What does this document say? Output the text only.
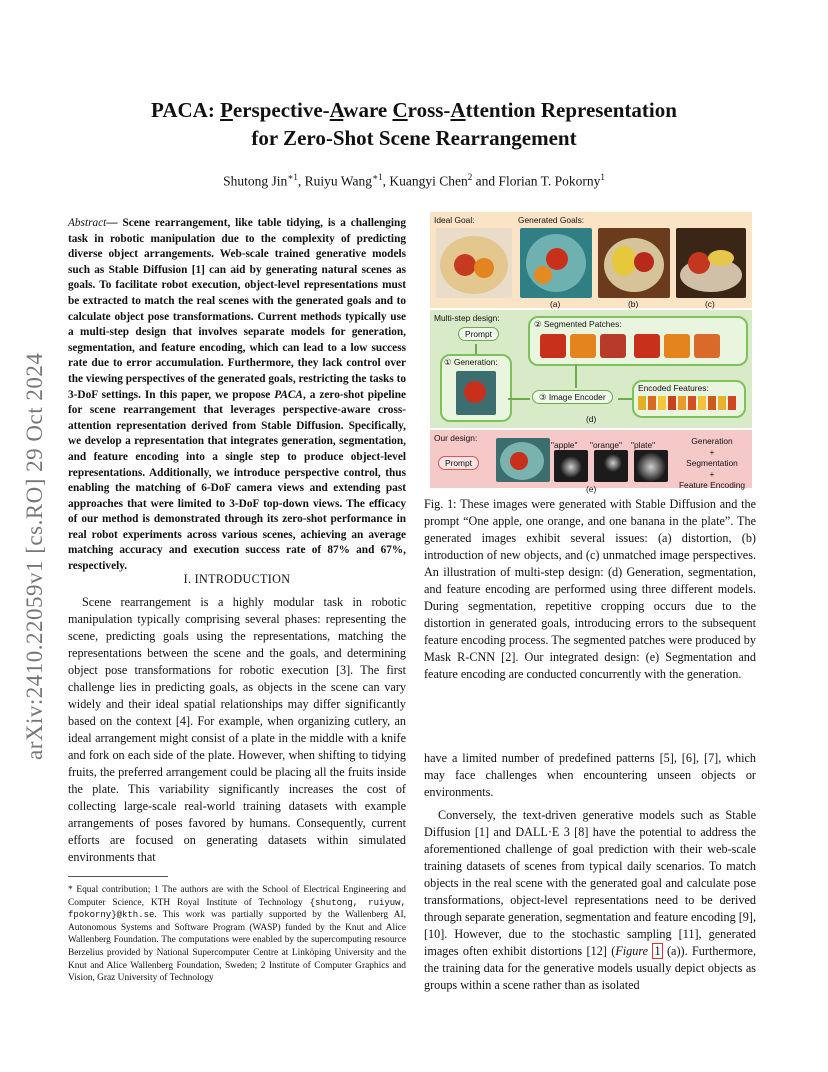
arXiv:2410.22059v1 [cs.RO] 29 Oct 2024
PACA: Perspective-Aware Cross-Attention Representation
for Zero-Shot Scene Rearrangement
Shutong Jin$^{∗1}$, Ruiyu Wang$^{∗1}$, Kuangyi Chen$^2$ and Florian T. Pokorny$^1$
Abstract— Scene rearrangement, like table tidying, is a challenging task in robotic manipulation due to the complexity of predicting diverse object arrangements. Web-scale trained generative models such as Stable Diffusion [1] can aid by generating natural scenes as goals. To facilitate robot execution, object-level representations must be extracted to match the real scenes with the generated goals and to calculate object pose transformations. Current methods typically use a multi-step design that involves separate models for generation, segmentation, and feature encoding, which can lead to a low success rate due to error accumulation. Furthermore, they lack control over the viewing perspectives of the generated goals, restricting the tasks to 3-DoF settings. In this paper, we propose PACA, a zero-shot pipeline for scene rearrangement that leverages perspective-aware cross-attention representation derived from Stable Diffusion. Specifically, we develop a representation that integrates generation, segmentation, and feature encoding into a single step to produce object-level representations. Additionally, we introduce perspective control, thus enabling the matching of 6-DoF camera views and extending past approaches that were limited to 3-DoF top-down views. The efficacy of our method is demonstrated through its zero-shot performance in real robot experiments across various scenes, achieving an average matching accuracy and execution success rate of 87% and 67%, respectively.
I. INTRODUCTION

Scene rearrangement is a highly modular task in robotic manipulation typically comprising several phases: representing the scene, predicting goals using the representations, matching the representations between the scene and the goals, and determining object pose transformations for robotic execution [3]. The first challenge lies in predicting goals, as objects in the scene can vary widely and their ideal spatial relationships may differ significantly based on the context [4]. For example, when organizing cutlery, an ideal arrangement might consist of a plate in the middle with a knife and fork on each side of the plate. However, when shifting to tidying fruits, the preferred arrangement could be placing all the fruits inside the plate. This variability significantly increases the cost of collecting large-scale real-world training datasets with example arrangements of poses favored by humans. Consequently, current efforts are focused on generating datasets within simulated environments that

* Equal contribution; 1 The authors are with the School of Electrical Engineering and Computer Science, KTH Royal Institute of Technology {shutong, ruiyuw, fpokorny}@kth.se. This work was partially supported by the Wallenberg AI, Autonomous Systems and Software Program (WASP) funded by the Knut and Alice Wallenberg Foundation. The computations were enabled by the supercomputing resource Berzelius provided by National Supercomputer Centre at Linköping University and the Knut and Alice Wallenberg Foundation, Sweden; 2 Institute of Computer Graphics and Vision, Graz University of Technology
Ideal Goal:	Generated Goals:
(a)	(b)	(c)
Multi-step design:
Prompt
① Generation:
② Segmented Patches:
③ Image Encoder
Encoded Features:
(d)
Our design:
Prompt
"apple" "orange" "plate"	Generation
+
Segmentation
+
Feature Encoding
(e)
Fig. 1: These images were generated with Stable Diffusion and the prompt “One apple, one orange, and one banana in the plate”. The generated images exhibit several issues: (a) distortion, (b) introduction of new objects, and (c) unmatched image perspectives. An illustration of multi-step design: (d) Generation, segmentation, and feature encoding are performed using three different models. During segmentation, repetitive cropping occurs due to the distortion in generated goals, introducing errors to the subsequent feature encoding process. The segmented patches were produced by Mask R-CNN [2]. Our integrated design: (e) Segmentation and feature encoding are conducted concurrently with the generation.

have a limited number of predefined patterns [5], [6], [7], which may face challenges when encountering unseen objects or environments.

Conversely, the text-driven generative models such as Stable Diffusion [1] and DALL·E 3 [8] have the potential to address the aforementioned challenge of goal prediction with their web-scale training datasets of scenes from typical daily scenarios. To match objects in the real scene with the generated goal and calculate pose transformations, object-level representations need to be derived through separate generation, segmentation and feature encoding [9], [10]. However, due to the stochastic sampling [11], generated images often exhibit distortions [12] (Figure 1 (a)). Furthermore, the training data for the generative models usually depict objects as groups within a scene rather than as isolated
